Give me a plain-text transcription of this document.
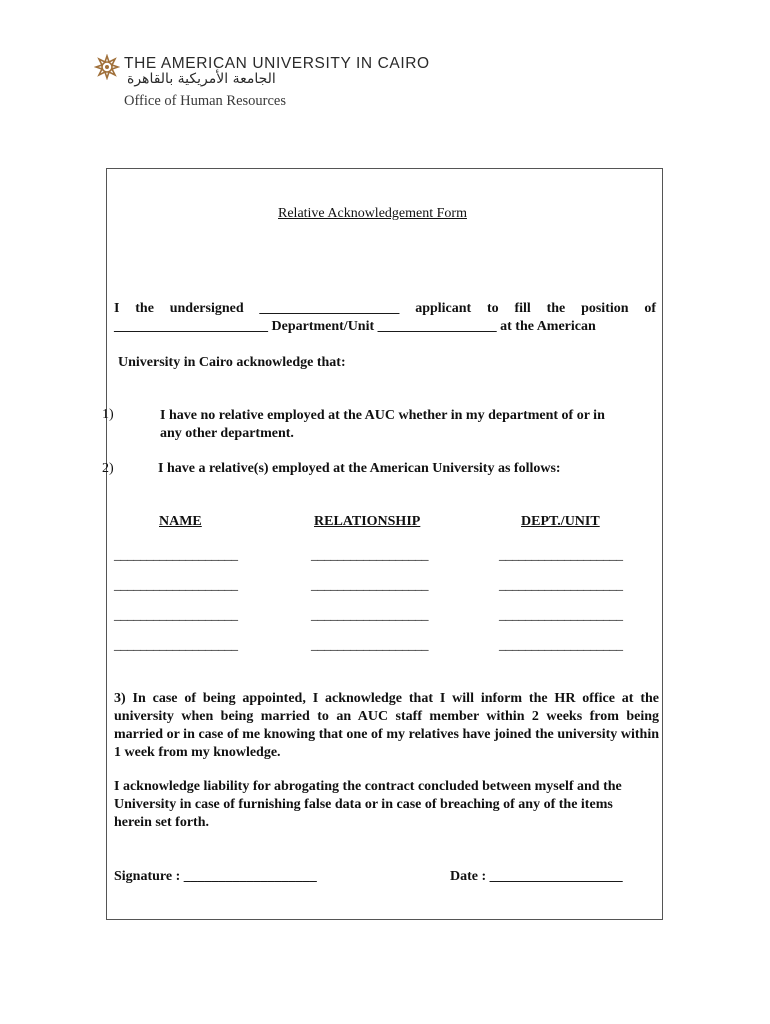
THE AMERICAN UNIVERSITY IN CAIRO
الجامعة الأمريكية بالقاهرة
Office of Human Resources
Relative Acknowledgement Form
I the undersigned ____________________ applicant to fill the position of
______________________ Department/Unit _________________ at the American
University in Cairo acknowledge that:
1)	I have no relative employed at the AUC whether in my department of or in any other department.
2)	I have a relative(s) employed at the American University as follows:
NAME	RELATIONSHIP	DEPT./UNIT
___________________	__________________	___________________
___________________	__________________	___________________
___________________	__________________	___________________
___________________	__________________	___________________
3) In case of being appointed, I acknowledge that I will inform the HR office at the university when being married to an AUC staff member within 2 weeks from being married or in case of me knowing that one of my relatives have joined the university within 1 week from my knowledge.
I acknowledge liability for abrogating the contract concluded between myself and the University in case of furnishing false data or in case of breaching of any of the items herein set forth.
Signature : ___________________	Date : ___________________
